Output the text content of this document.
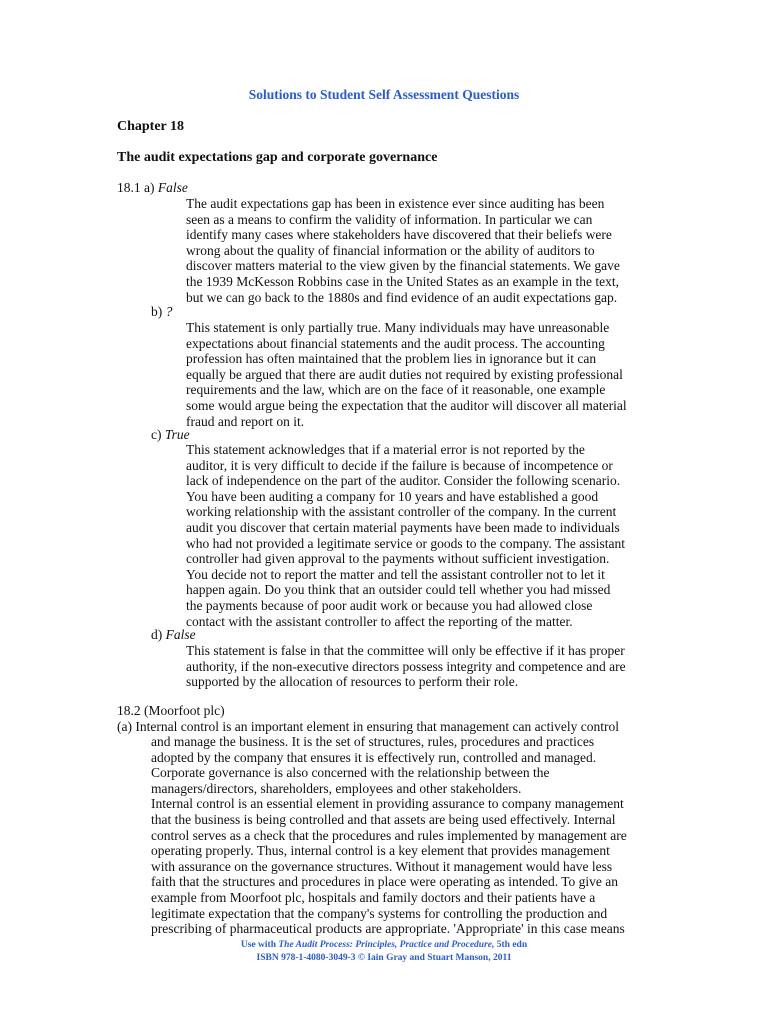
Solutions to Student Self Assessment Questions
Chapter 18
The audit expectations gap and corporate governance
18.1 a) False
The audit expectations gap has been in existence ever since auditing has been
seen as a means to confirm the validity of information. In particular we can
identify many cases where stakeholders have discovered that their beliefs were
wrong about the quality of financial information or the ability of auditors to
discover matters material to the view given by the financial statements. We gave
the 1939 McKesson Robbins case in the United States as an example in the text,
but we can go back to the 1880s and find evidence of an audit expectations gap.
b) ?
This statement is only partially true. Many individuals may have unreasonable
expectations about financial statements and the audit process. The accounting
profession has often maintained that the problem lies in ignorance but it can
equally be argued that there are audit duties not required by existing professional
requirements and the law, which are on the face of it reasonable, one example
some would argue being the expectation that the auditor will discover all material
fraud and report on it.
c) True
This statement acknowledges that if a material error is not reported by the
auditor, it is very difficult to decide if the failure is because of incompetence or
lack of independence on the part of the auditor. Consider the following scenario.
You have been auditing a company for 10 years and have established a good
working relationship with the assistant controller of the company. In the current
audit you discover that certain material payments have been made to individuals
who had not provided a legitimate service or goods to the company. The assistant
controller had given approval to the payments without sufficient investigation.
You decide not to report the matter and tell the assistant controller not to let it
happen again. Do you think that an outsider could tell whether you had missed
the payments because of poor audit work or because you had allowed close
contact with the assistant controller to affect the reporting of the matter.
d) False
This statement is false in that the committee will only be effective if it has proper
authority, if the non-executive directors possess integrity and competence and are
supported by the allocation of resources to perform their role.
18.2 (Moorfoot plc)
(a) Internal control is an important element in ensuring that management can actively control
and manage the business. It is the set of structures, rules, procedures and practices
adopted by the company that ensures it is effectively run, controlled and managed.
Corporate governance is also concerned with the relationship between the
managers/directors, shareholders, employees and other stakeholders.
Internal control is an essential element in providing assurance to company management
that the business is being controlled and that assets are being used effectively. Internal
control serves as a check that the procedures and rules implemented by management are
operating properly. Thus, internal control is a key element that provides management
with assurance on the governance structures. Without it management would have less
faith that the structures and procedures in place were operating as intended. To give an
example from Moorfoot plc, hospitals and family doctors and their patients have a
legitimate expectation that the company's systems for controlling the production and
prescribing of pharmaceutical products are appropriate. 'Appropriate' in this case means
Use with The Audit Process: Principles, Practice and Procedure, 5th edn
ISBN 978-1-4080-3049-3 © Iain Gray and Stuart Manson, 2011
